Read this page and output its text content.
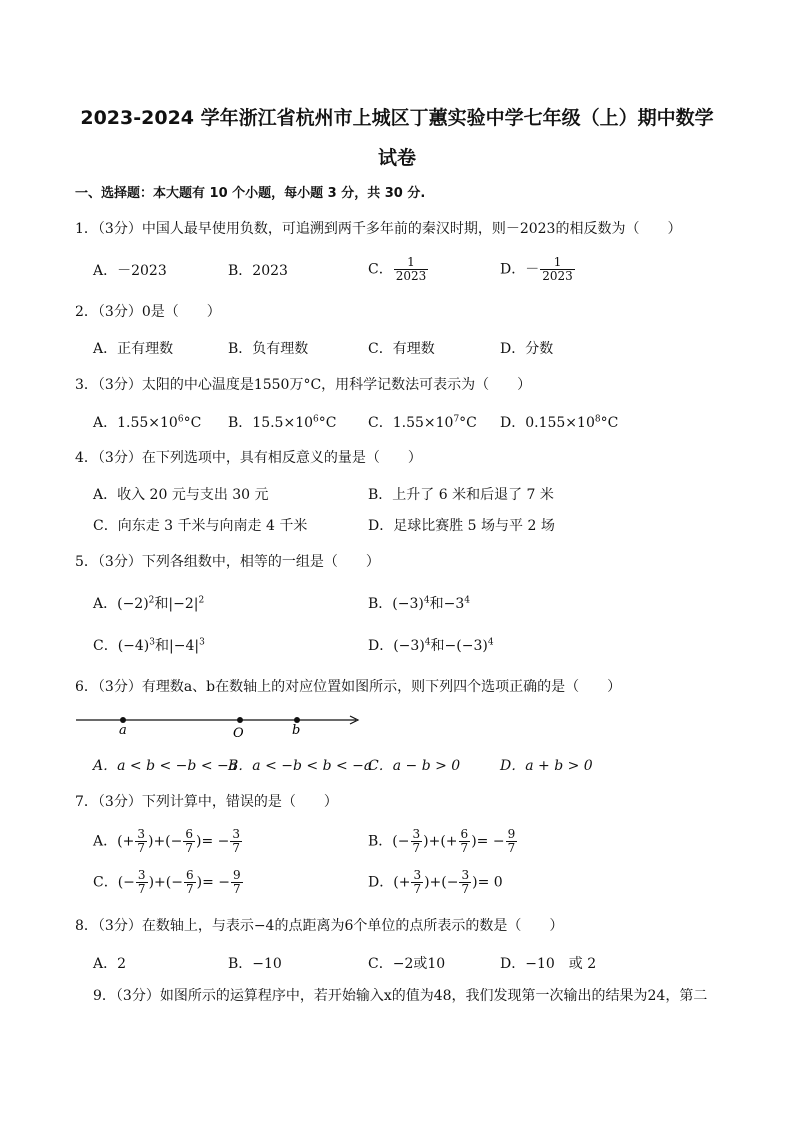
2023-2024 学年浙江省杭州市上城区丁蕙实验中学七年级（上）期中数学
试卷
一、选择题：本大题有 10 个小题，每小题 3 分，共 30 分.
1．（3分）中国人最早使用负数，可追溯到两千多年前的秦汉时期，则－2023的相反数为（　　）
A．－2023	B．2023	C． $\frac{1}{2023}$	D．－ $\frac{1}{2023}$
2．（3分）0是（　　）
A．正有理数	B．负有理数	C．有理数	D．分数
3．（3分）太阳的中心温度是1550万°C，用科学记数法可表示为（　　）
A．$1.55\times 10^6^\circ C$ B．$15.5\times 10^6^\circ C$ C．$1.55\times 10^7^\circ C$ D．$0.155\times 10^8^\circ C$
4．（3分）在下列选项中，具有相反意义的量是（　　）
A．收入 20 元与支出 30 元	B．上升了 6 米和后退了 7 米
C．向东走 3 千米与向南走 4 千米	D．足球比赛胜 5 场与平 2 场
5．（3分）下列各组数中，相等的一组是（　　）
A．$(-2)^2$和$|-2|^2$	B．$(-3)^4$和$-3^4$
C．$(-4)^3$和$|-4|^3$	D．$(-3)^4$和$-(-3)^4$
6．（3分）有理数a、b在数轴上的对应位置如图所示，则下列四个选项正确的是（　　）
a	O	b
A．a < b < −b < −a
B．a < −b < b < −a
C．a − b > 0	D．a + b > 0
7．（3分）下列计算中，错误的是（　　）
A．(+ $\frac{3}{7}$ )+(− $\frac{6}{7}$ )= − $\frac{3}{7}$	B．(− $\frac{3}{7}$ )+(+ $\frac{6}{7}$ )= − $\frac{9}{7}$
C．(− $\frac{3}{7}$ )+(− $\frac{6}{7}$ )= − $\frac{9}{7}$	D．(+ $\frac{3}{7}$ )+(− $\frac{3}{7}$ )= 0
8．（3分）在数轴上，与表示−4的点距离为6个单位的点所表示的数是（　　）
A．2	B．−10	C．−2或10	D．−10　或 2
9．（3分）如图所示的运算程序中，若开始输入x的值为48，我们发现第一次输出的结果为24，第二
